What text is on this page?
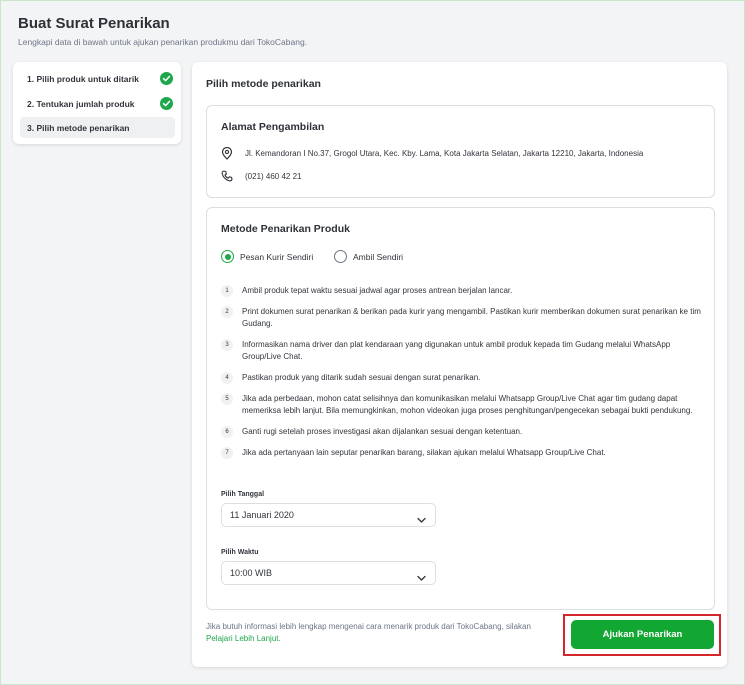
Buat Surat Penarikan
Lengkapi data di bawah untuk ajukan penarikan produkmu dari TokoCabang.
1. Pilih produk untuk ditarik
2. Tentukan jumlah produk
3. Pilih metode penarikan
Pilih metode penarikan
Alamat Pengambilan
Jl. Kemandoran I No.37, Grogol Utara, Kec. Kby. Lama, Kota Jakarta Selatan, Jakarta 12210, Jakarta, Indonesia
(021) 460 42 21
Metode Penarikan Produk
Pesan Kurir Sendiri	Ambil Sendiri
1	Ambil produk tepat waktu sesuai jadwal agar proses antrean berjalan lancar.
2	Print dokumen surat penarikan & berikan pada kurir yang mengambil. Pastikan kurir memberikan dokumen surat penarikan ke tim Gudang.
3	Informasikan nama driver dan plat kendaraan yang digunakan untuk ambil produk kepada tim Gudang melalui WhatsApp Group/Live Chat.
4	Pastikan produk yang ditarik sudah sesuai dengan surat penarikan.
5	Jika ada perbedaan, mohon catat selisihnya dan komunikasikan melalui Whatsapp Group/Live Chat agar tim gudang dapat memeriksa lebih lanjut. Bila memungkinkan, mohon videokan juga proses penghitungan/pengecekan sebagai bukti pendukung.
6	Ganti rugi setelah proses investigasi akan dijalankan sesuai dengan ketentuan.
7	Jika ada pertanyaan lain seputar penarikan barang, silakan ajukan melalui Whatsapp Group/Live Chat.
Pilih Tanggal
11 Januari 2020
Pilih Waktu
10:00 WIB
Jika butuh informasi lebih lengkap mengenai cara menarik produk dari TokoCabang, silakan Pelajari Lebih Lanjut.	Ajukan Penarikan
